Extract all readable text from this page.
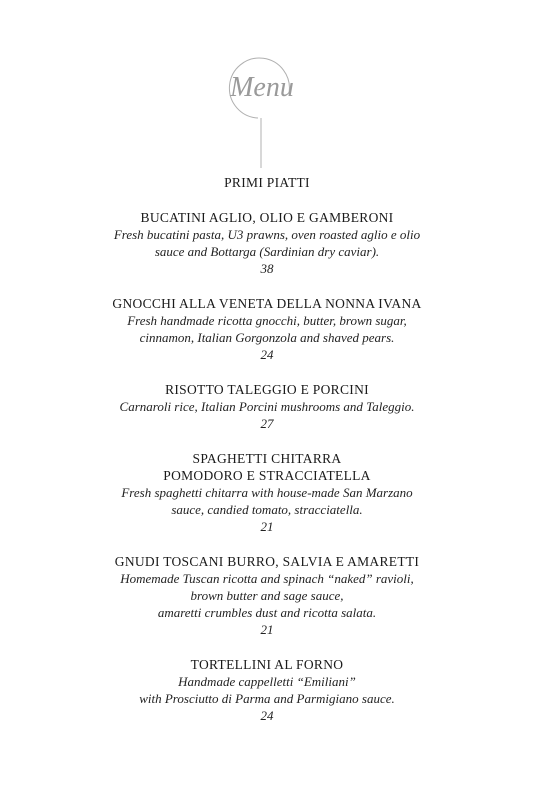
Menu
PRIMI PIATTI
BUCATINI AGLIO, OLIO E GAMBERONI
Fresh bucatini pasta, U3 prawns, oven roasted aglio e olio
sauce and Bottarga (Sardinian dry caviar).
38
GNOCCHI ALLA VENETA DELLA NONNA IVANA
Fresh handmade ricotta gnocchi, butter, brown sugar,
cinnamon, Italian Gorgonzola and shaved pears.
24
RISOTTO TALEGGIO E PORCINI
Carnaroli rice, Italian Porcini mushrooms and Taleggio.
27
SPAGHETTI CHITARRA
POMODORO E STRACCIATELLA
Fresh spaghetti chitarra with house-made San Marzano
sauce, candied tomato, stracciatella.
21
GNUDI TOSCANI BURRO, SALVIA E AMARETTI
Homemade Tuscan ricotta and spinach “naked” ravioli,
brown butter and sage sauce,
amaretti crumbles dust and ricotta salata.
21
TORTELLINI AL FORNO
Handmade cappelletti “Emiliani”
with Prosciutto di Parma and Parmigiano sauce.
24
